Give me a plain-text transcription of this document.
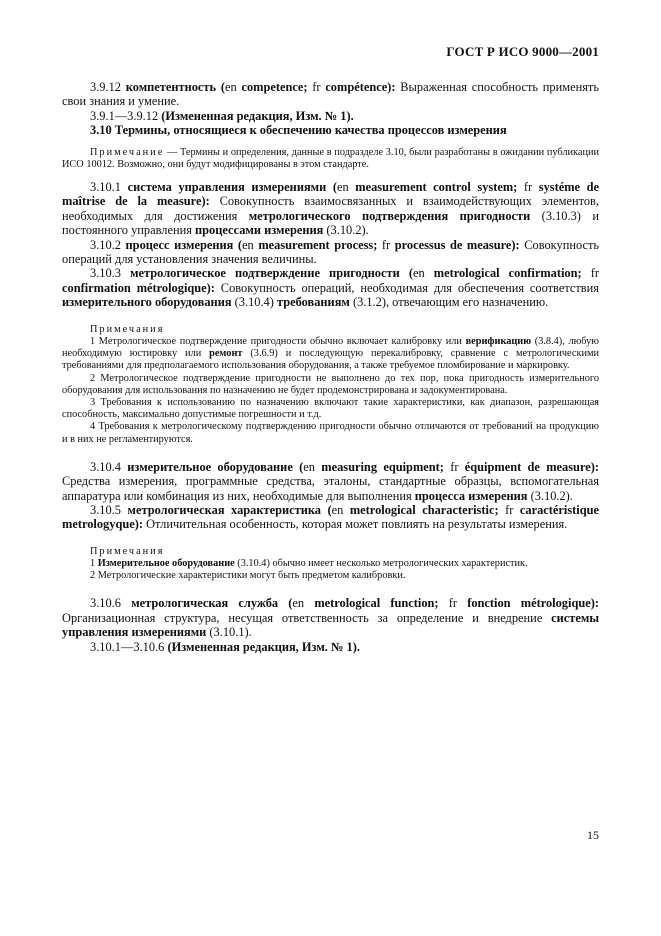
ГОСТ Р ИСО 9000—2001

3.9.12 компетентность (en competence; fr compétence): Выраженная способность применять свои знания и умение.

3.9.1—3.9.12 (Измененная редакция, Изм. № 1).

3.10 Термины, относящиеся к обеспечению качества процессов измерения

Примечание — Термины и определения, данные в подразделе 3.10, были разработаны в ожидании публикации ИСО 10012. Возможно, они будут модифицированы в этом стандарте.

3.10.1 система управления измерениями (en measurement control system; fr systéme de maîtrise de la measure): Совокупность взаимосвязанных и взаимодействующих элементов, необходимых для достижения метрологического подтверждения пригодности (3.10.3) и постоянного управления процессами измерения (3.10.2).

3.10.2 процесс измерения (en measurement process; fr processus de measure): Совокупность операций для установления значения величины.

3.10.3 метрологическое подтверждение пригодности (en metrological confirmation; fr confirmation métrologique): Совокупность операций, необходимая для обеспечения соответствия измерительного оборудования (3.10.4) требованиям (3.1.2), отвечающим его назначению.

Примечания

1 Метрологическое подтверждение пригодности обычно включает калибровку или верификацию (3.8.4), любую необходимую юстировку или ремонт (3.6.9) и последующую перекалибровку, сравнение с метрологическими требованиями для предполагаемого использования оборудования, а также требуемое пломбирование и маркировку.

2 Метрологическое подтверждение пригодности не выполнено до тех пор, пока пригодность измерительного оборудования для использования по назначению не будет продемонстрирована и задокументирована.

3 Требования к использованию по назначению включают такие характеристики, как диапазон, разрешающая способность, максимально допустимые погрешности и т.д.

4 Требования к метрологическому подтверждению пригодности обычно отличаются от требований на продукцию и в них не регламентируются.

3.10.4 измерительное оборудование (en measuring equipment; fr équipment de measure): Средства измерения, программные средства, эталоны, стандартные образцы, вспомогательная аппаратура или комбинация из них, необходимые для выполнения процесса измерения (3.10.2).

3.10.5 метрологическая характеристика (en metrological characteristic; fr caractéristique metrologyque): Отличительная особенность, которая может повлиять на результаты измерения.

Примечания

1 Измерительное оборудование (3.10.4) обычно имеет несколько метрологических характеристик.

2 Метрологические характеристики могут быть предметом калибровки.

3.10.6 метрологическая служба (en metrological function; fr fonction métrologique): Организационная структура, несущая ответственность за определение и внедрение системы управления измерениями (3.10.1).

3.10.1—3.10.6 (Измененная редакция, Изм. № 1).

15
